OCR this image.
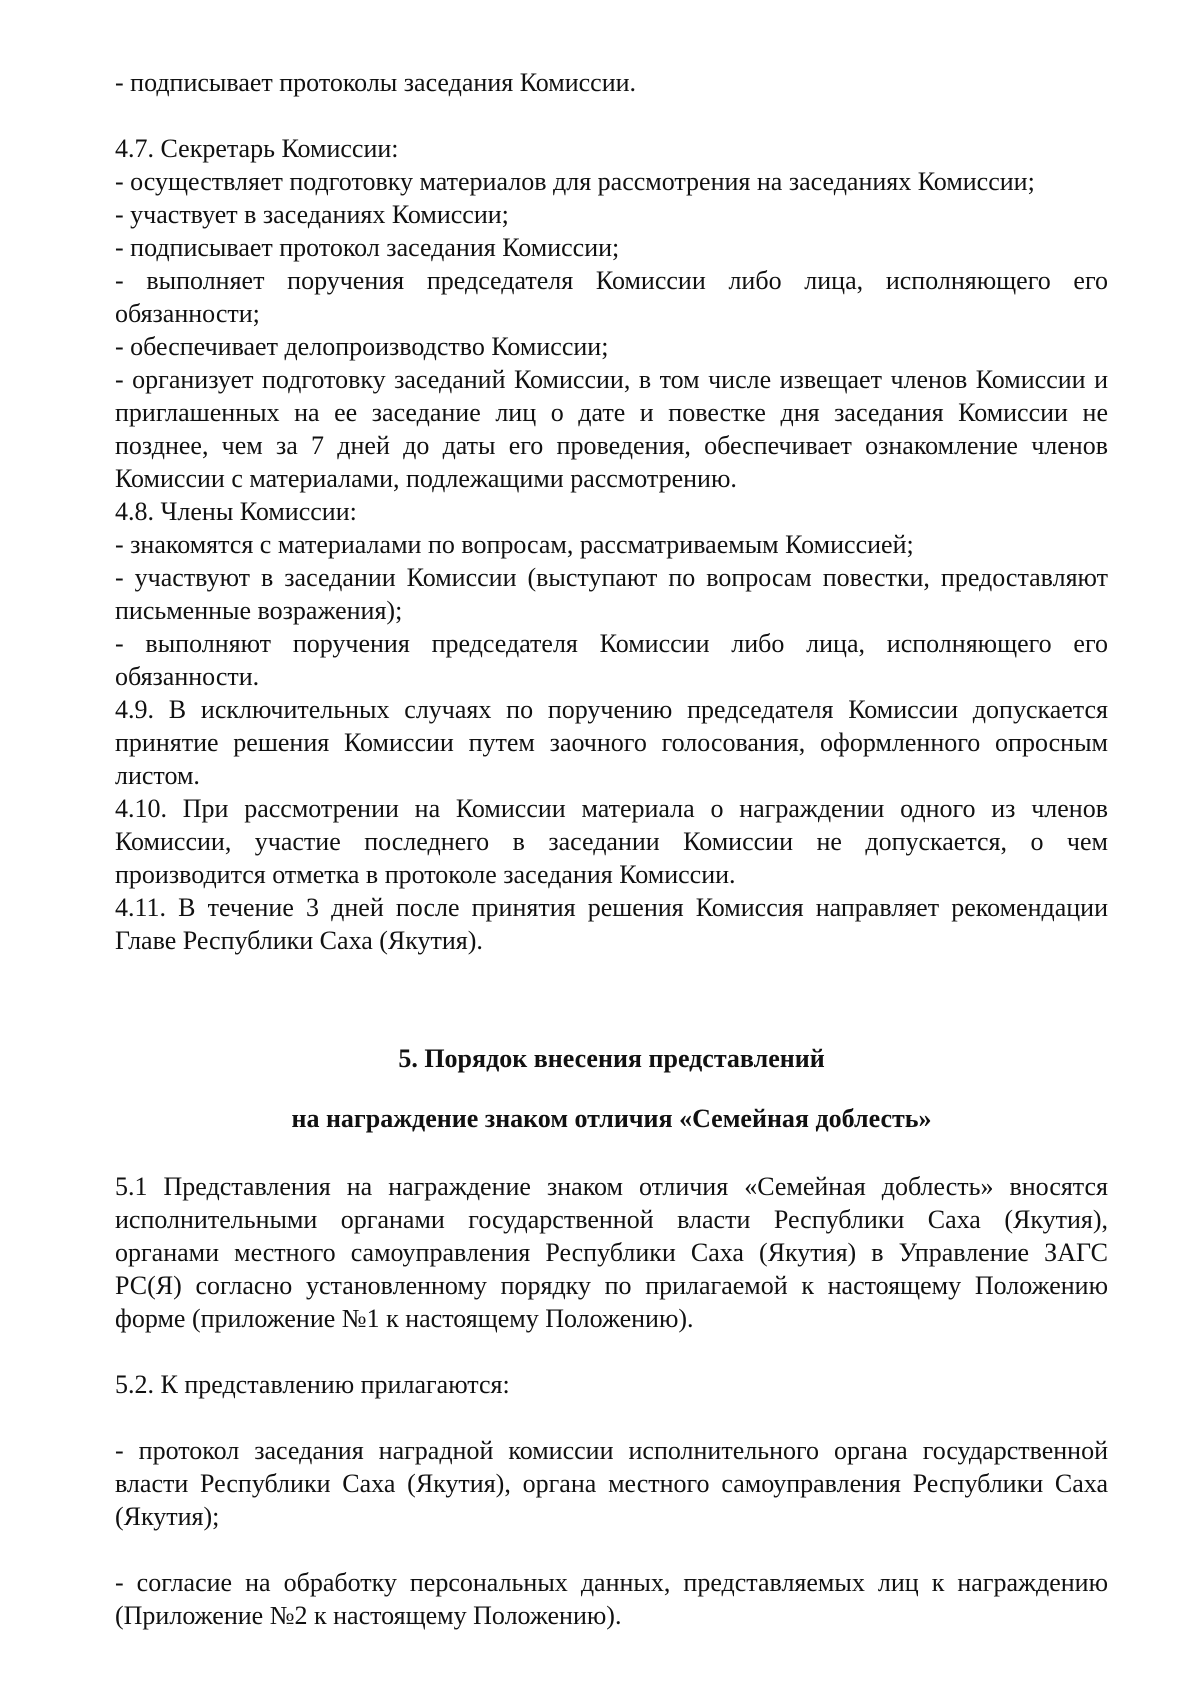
- подписывает протоколы заседания Комиссии.

4.7. Секретарь Комиссии:

- осуществляет подготовку материалов для рассмотрения на заседаниях Комиссии;

- участвует в заседаниях Комиссии;

- подписывает протокол заседания Комиссии;

- выполняет поручения председателя Комиссии либо лица, исполняющего его обязанности;

- обеспечивает делопроизводство Комиссии;

- организует подготовку заседаний Комиссии, в том числе извещает членов Комиссии и приглашенных на ее заседание лиц о дате и повестке дня заседания Комиссии не позднее, чем за 7 дней до даты его проведения, обеспечивает ознакомление членов Комиссии с материалами, подлежащими рассмотрению.

4.8. Члены Комиссии:

- знакомятся с материалами по вопросам, рассматриваемым Комиссией;

- участвуют в заседании Комиссии (выступают по вопросам повестки, предоставляют письменные возражения);

- выполняют поручения председателя Комиссии либо лица, исполняющего его обязанности.

4.9. В исключительных случаях по поручению председателя Комиссии допускается принятие решения Комиссии путем заочного голосования, оформленного опросным листом.

4.10. При рассмотрении на Комиссии материала о награждении одного из членов Комиссии, участие последнего в заседании Комиссии не допускается, о чем производится отметка в протоколе заседания Комиссии.

4.11. В течение 3 дней после принятия решения Комиссия направляет рекомендации Главе Республики Саха (Якутия).

5. Порядок внесения представлений

на награждение знаком отличия «Семейная доблесть»

5.1 Представления на награждение знаком отличия «Семейная доблесть» вносятся исполнительными органами государственной власти Республики Саха (Якутия), органами местного самоуправления Республики Саха (Якутия) в Управление ЗАГС РС(Я) согласно установленному порядку по прилагаемой к настоящему Положению форме (приложение №1 к настоящему Положению).

5.2. К представлению прилагаются:

- протокол заседания наградной комиссии исполнительного органа государственной власти Республики Саха (Якутия), органа местного самоуправления Республики Саха (Якутия);

- согласие на обработку персональных данных, представляемых лиц к награждению (Приложение №2 к настоящему Положению).
